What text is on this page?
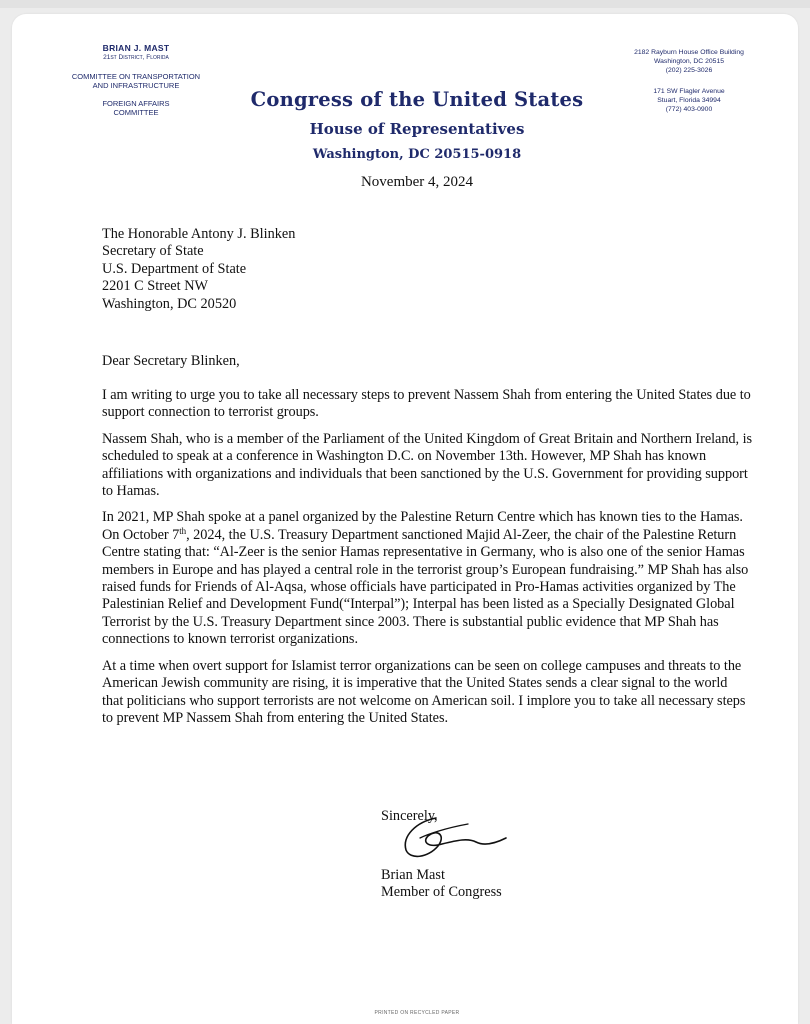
BRIAN J. MAST
21st District, Florida
COMMITTEE ON TRANSPORTATION
AND INFRASTRUCTURE
FOREIGN AFFAIRS
COMMITTEE
2182 Rayburn House Office Building
Washington, DC 20515
(202) 225-3026
171 SW Flagler Avenue
Stuart, Florida 34994
(772) 403-0900
Congress of the United States
House of Representatives
Washington, DC 20515-0918
November 4, 2024
The Honorable Antony J. Blinken
Secretary of State
U.S. Department of State
2201 C Street NW
Washington, DC 20520
Dear Secretary Blinken,

I am writing to urge you to take all necessary steps to prevent Nassem Shah from entering the United States due to support connection to terrorist groups.

Nassem Shah, who is a member of the Parliament of the United Kingdom of Great Britain and Northern Ireland, is scheduled to speak at a conference in Washington D.C. on November 13th. However, MP Shah has known affiliations with organizations and individuals that been sanctioned by the U.S. Government for providing support to Hamas.

In 2021, MP Shah spoke at a panel organized by the Palestine Return Centre which has known ties to the Hamas. On October 7th, 2024, the U.S. Treasury Department sanctioned Majid Al-Zeer, the chair of the Palestine Return Centre stating that: “Al-Zeer is the senior Hamas representative in Germany, who is also one of the senior Hamas members in Europe and has played a central role in the terrorist group’s European fundraising.” MP Shah has also raised funds for Friends of Al-Aqsa, whose officials have participated in Pro-Hamas activities organized by The Palestinian Relief and Development Fund(“Interpal”); Interpal has been listed as a Specially Designated Global Terrorist by the U.S. Treasury Department since 2003. There is substantial public evidence that MP Shah has connections to known terrorist organizations.

At a time when overt support for Islamist terror organizations can be seen on college campuses and threats to the American Jewish community are rising, it is imperative that the United States sends a clear signal to the world that politicians who support terrorists are not welcome on American soil. I implore you to take all necessary steps to prevent MP Nassem Shah from entering the United States.

Sincerely,
Brian Mast
Member of Congress
PRINTED ON RECYCLED PAPER
